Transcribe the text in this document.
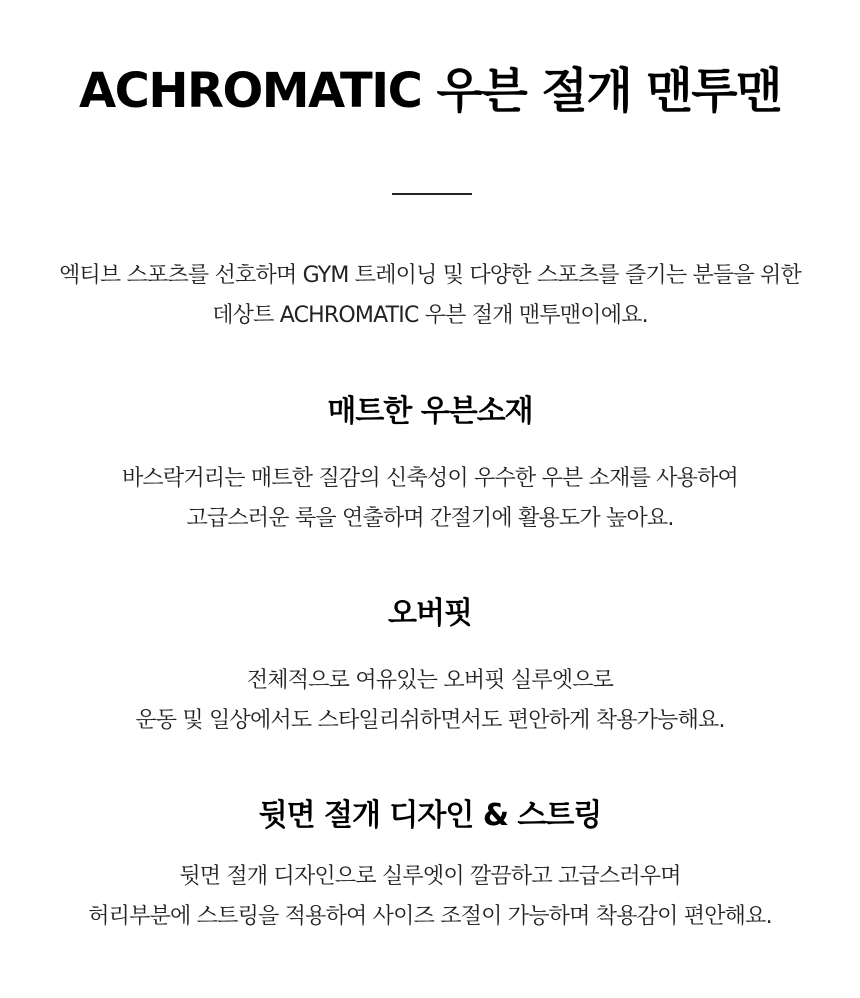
ACHROMATIC 우븐 절개 맨투맨

엑티브 스포츠를 선호하며 GYM 트레이닝 및 다양한 스포츠를 즐기는 분들을 위한
데상트 ACHROMATIC 우븐 절개 맨투맨이에요.

매트한 우븐소재

바스락거리는 매트한 질감의 신축성이 우수한 우븐 소재를 사용하여
고급스러운 룩을 연출하며 간절기에 활용도가 높아요.

오버핏

전체적으로 여유있는 오버핏 실루엣으로
운동 및 일상에서도 스타일리쉬하면서도 편안하게 착용가능해요.

뒷면 절개 디자인 & 스트링

뒷면 절개 디자인으로 실루엣이 깔끔하고 고급스러우며
허리부분에 스트링을 적용하여 사이즈 조절이 가능하며 착용감이 편안해요.
